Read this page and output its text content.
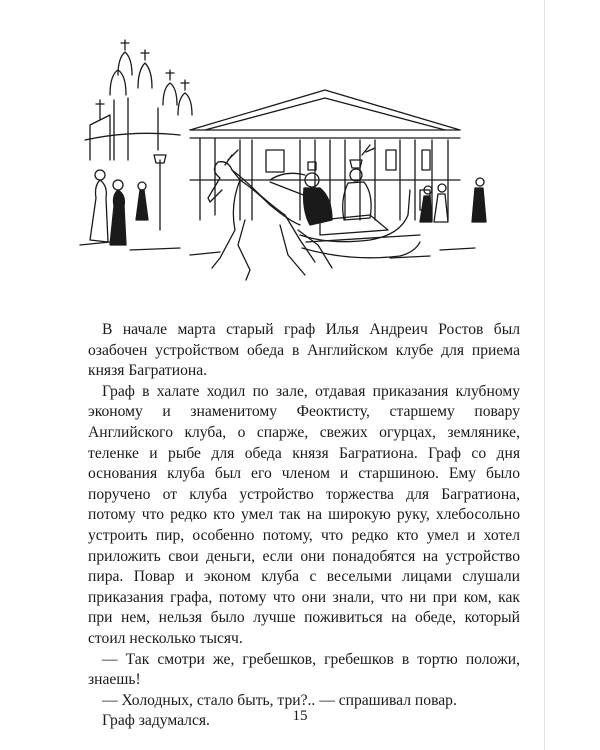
В начале марта старый граф Илья Андреич Ростов был озабочен устройством обеда в Английском клубе для приема князя Багратиона.

Граф в халате ходил по зале, отдавая приказания клубному эконому и знаменитому Феоктисту, старшему повару Английского клуба, о спарже, свежих огурцах, землянике, теленке и рыбе для обеда князя Багратиона. Граф со дня основания клуба был его членом и старшиною. Ему было поручено от клуба устройство торжества для Багратиона, потому что редко кто умел так на широкую руку, хлебосольно устроить пир, особенно потому, что редко кто умел и хотел приложить свои деньги, если они понадобятся на устройство пира. Повар и эконом клуба с веселыми лицами слушали приказания графа, потому что они знали, что ни при ком, как при нем, нельзя было лучше поживиться на обеде, который стоил несколько тысяч.

— Так смотри же, гребешков, гребешков в тортю положи, знаешь!

— Холодных, стало быть, три?.. — спрашивал повар.

Граф задумался.	15
